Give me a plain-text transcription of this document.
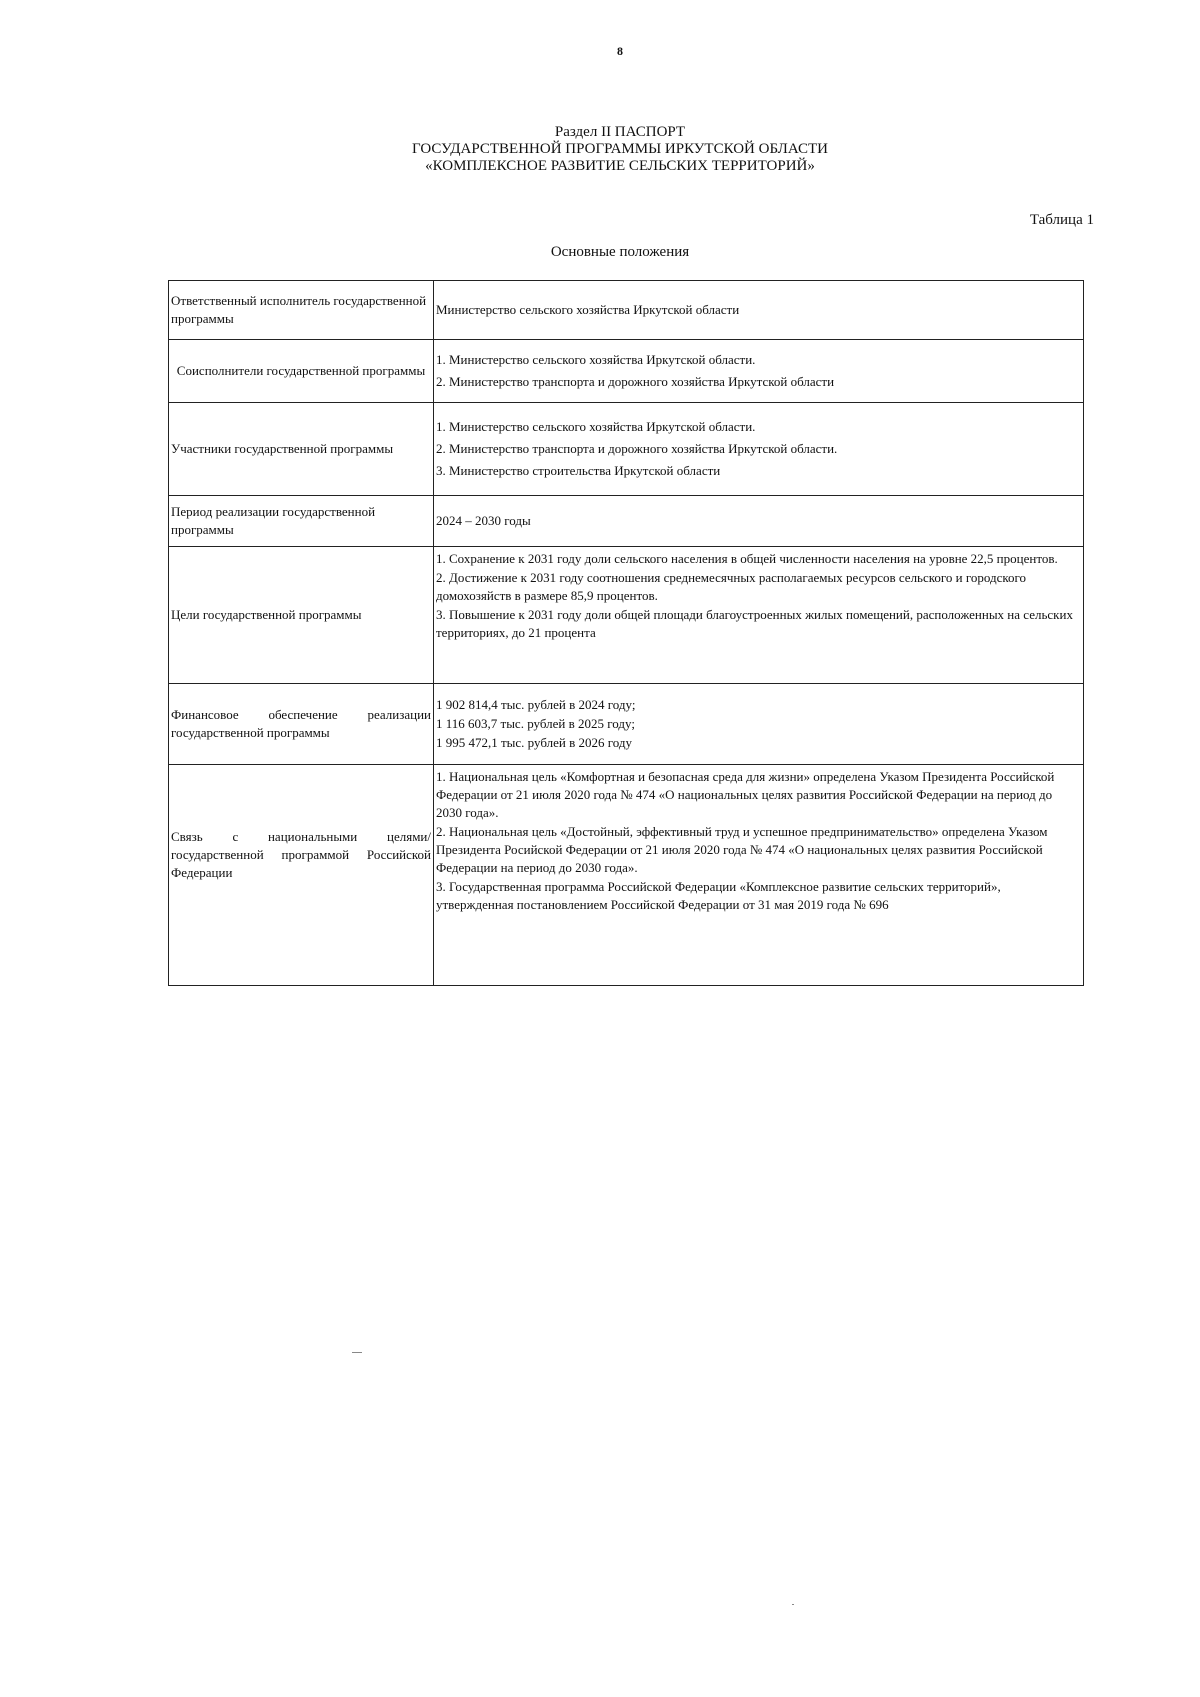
8
Раздел II ПАСПОРТ
ГОСУДАРСТВЕННОЙ ПРОГРАММЫ ИРКУТСКОЙ ОБЛАСТИ
«КОМПЛЕКСНОЕ РАЗВИТИЕ СЕЛЬСКИХ ТЕРРИТОРИЙ»
Таблица 1
Основные положения
Ответственный исполнитель государственной программы	Министерство сельского хозяйства Иркутской области

Соисполнители государственной программы	1. Министерство сельского хозяйства Иркутской области.
2. Министерство транспорта и дорожного хозяйства Иркутской области

Участники государственной программы	1. Министерство сельского хозяйства Иркутской области.
2. Министерство транспорта и дорожного хозяйства Иркутской области.
3. Министерство строительства Иркутской области

Период реализации государственной программы	2024 – 2030 годы

Цели государственной программы	1. Сохранение к 2031 году доли сельского населения в общей численности населения на уровне 22,5 процентов.
2. Достижение к 2031 году соотношения среднемесячных располагаемых ресурсов сельского и городского домохозяйств в размере 85,9 процентов.
3. Повышение к 2031 году доли общей площади благоустроенных жилых помещений, расположенных на сельских территориях, до 21 процента

Финансовое обеспечение реализации государственной программы	1 902 814,4 тыс. рублей в 2024 году;
1 116 603,7 тыс. рублей в 2025 году;
1 995 472,1 тыс. рублей в 2026 году

Связь с национальными целями/ государственной программой Российской Федерации	1. Национальная цель «Комфортная и безопасная среда для жизни» определена Указом Президента Российской Федерации от 21 июля 2020 года № 474 «О национальных целях развития Российской Федерации на период до 2030 года».
2. Национальная цель «Достойный, эффективный труд и успешное предпринимательство» определена Указом Президента Росийской Федерации от 21 июля 2020 года № 474 «О национальных целях развития Российской Федерации на период до 2030 года».
3. Государственная программа Российской Федерации «Комплексное развитие сельских территорий», утвержденная постановлением Российской Федерации от 31 мая 2019 года № 696
